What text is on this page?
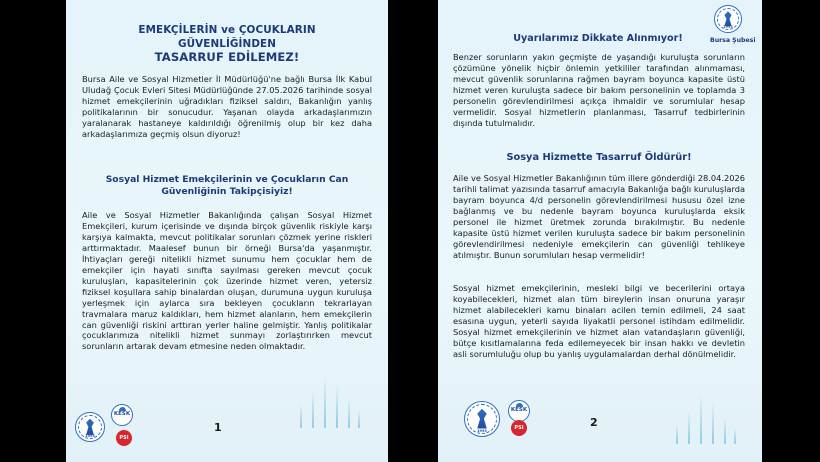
EMEKÇİLERİN ve ÇOCUKLARIN
GÜVENLİĞİNDEN
TASARRUF EDİLEMEZ!
Bursa Aile ve Sosyal Hizmetler İl Müdürlüğü'ne bağlı Bursa İlk Kabul Uludağ Çocuk Evleri Sitesi Müdürlüğünde 27.05.2026 tarihinde sosyal hizmet emekçilerinin uğradıkları fiziksel saldırı, Bakanlığın yanlış politikalarının bir sonucudur. Yaşanan olayda arkadaşlarımızın yaralanarak hastaneye kaldırıldığı öğrenilmiş olup bir kez daha arkadaşlarımıza geçmiş olsun diyoruz!
Sosyal Hizmet Emekçilerinin ve Çocukların Can
Güvenliğinin Takipçisiyiz!
Aile ve Sosyal Hizmetler Bakanlığında çalışan Sosyal Hizmet Emekçileri, kurum içerisinde ve dışında birçok güvenlik riskiyle karşı karşıya kalmakta, mevcut politikalar sorunları çözmek yerine riskleri arttırmaktadır. Maalesef bunun bir örneği Bursa'da yaşanmıştır. İhtiyaçları gereği nitelikli hizmet sunumu hem çocuklar hem de emekçiler için hayati sınıfta sayılması gereken mevcut çocuk kuruluşları, kapasitelerinin çok üzerinde hizmet veren, yetersiz fiziksel koşullara sahip binalardan oluşan, durumuna uygun kuruluşa yerleşmek için aylarca sıra bekleyen çocukların tekrarlayan travmalara maruz kaldıkları, hem hizmet alanların, hem emekçilerin can güvenliği riskini arttıran yerler haline gelmiştir. Yanlış politikalar çocuklarımıza nitelikli hizmet sunmayı zorlaştırırken mevcut sorunların artarak devam etmesine neden olmaktadır.
1993
KESK
PSI
1
1993
Bursa Şubesi
Uyarılarımız Dikkate Alınmıyor!
Benzer sorunların yakın geçmişte de yaşandığı kuruluşta sorunların çözümüne yönelik hiçbir önlemin yetkililer tarafından alınmaması, mevcut güvenlik sorunlarına rağmen bayram boyunca kapasite üstü hizmet veren kuruluşta sadece bir bakım personelinin ve toplamda 3 personelin görevlendirilmesi açıkça ihmaldir ve sorumlular hesap vermelidir. Sosyal hizmetlerin planlanması, Tasarruf tedbirlerinin dışında tutulmalıdır.
Sosya Hizmette Tasarruf Öldürür!
Aile ve Sosyal Hizmetler Bakanlığının tüm illere gönderdiği 28.04.2026 tarihli talimat yazısında tasarruf amacıyla Bakanlığa bağlı kuruluşlarda bayram boyunca 4/d personelin görevlendirilmesi hususu özel izne bağlanmış ve bu nedenle bayram boyunca kuruluşlarda eksik personel ile hizmet üretmek zorunda bırakılmıştır. Bu nedenle kapasite üstü hizmet verilen kuruluşta sadece bir bakım personelinin görevlendirilmesi nedeniyle emekçilerin can güvenliği tehlikeye atılmıştır. Bunun sorumluları hesap vermelidir!
Sosyal hizmet emekçilerinin, mesleki bilgi ve becerilerini ortaya koyabilecekleri, hizmet alan tüm bireylerin insan onuruna yaraşır hizmet alabilecekleri kamu binaları acilen temin edilmeli, 24 saat esasına uygun, yeterli sayıda liyakatli personel istihdam edilmelidir. Sosyal hizmet emekçilerinin ve hizmet alan vatandaşların güvenliği, bütçe kısıtlamalarına feda edilemeyecek bir insan hakkı ve devletin asli sorumluluğu olup bu yanlış uygulamalardan derhal dönülmelidir.
1993
KESK
PSI	2
